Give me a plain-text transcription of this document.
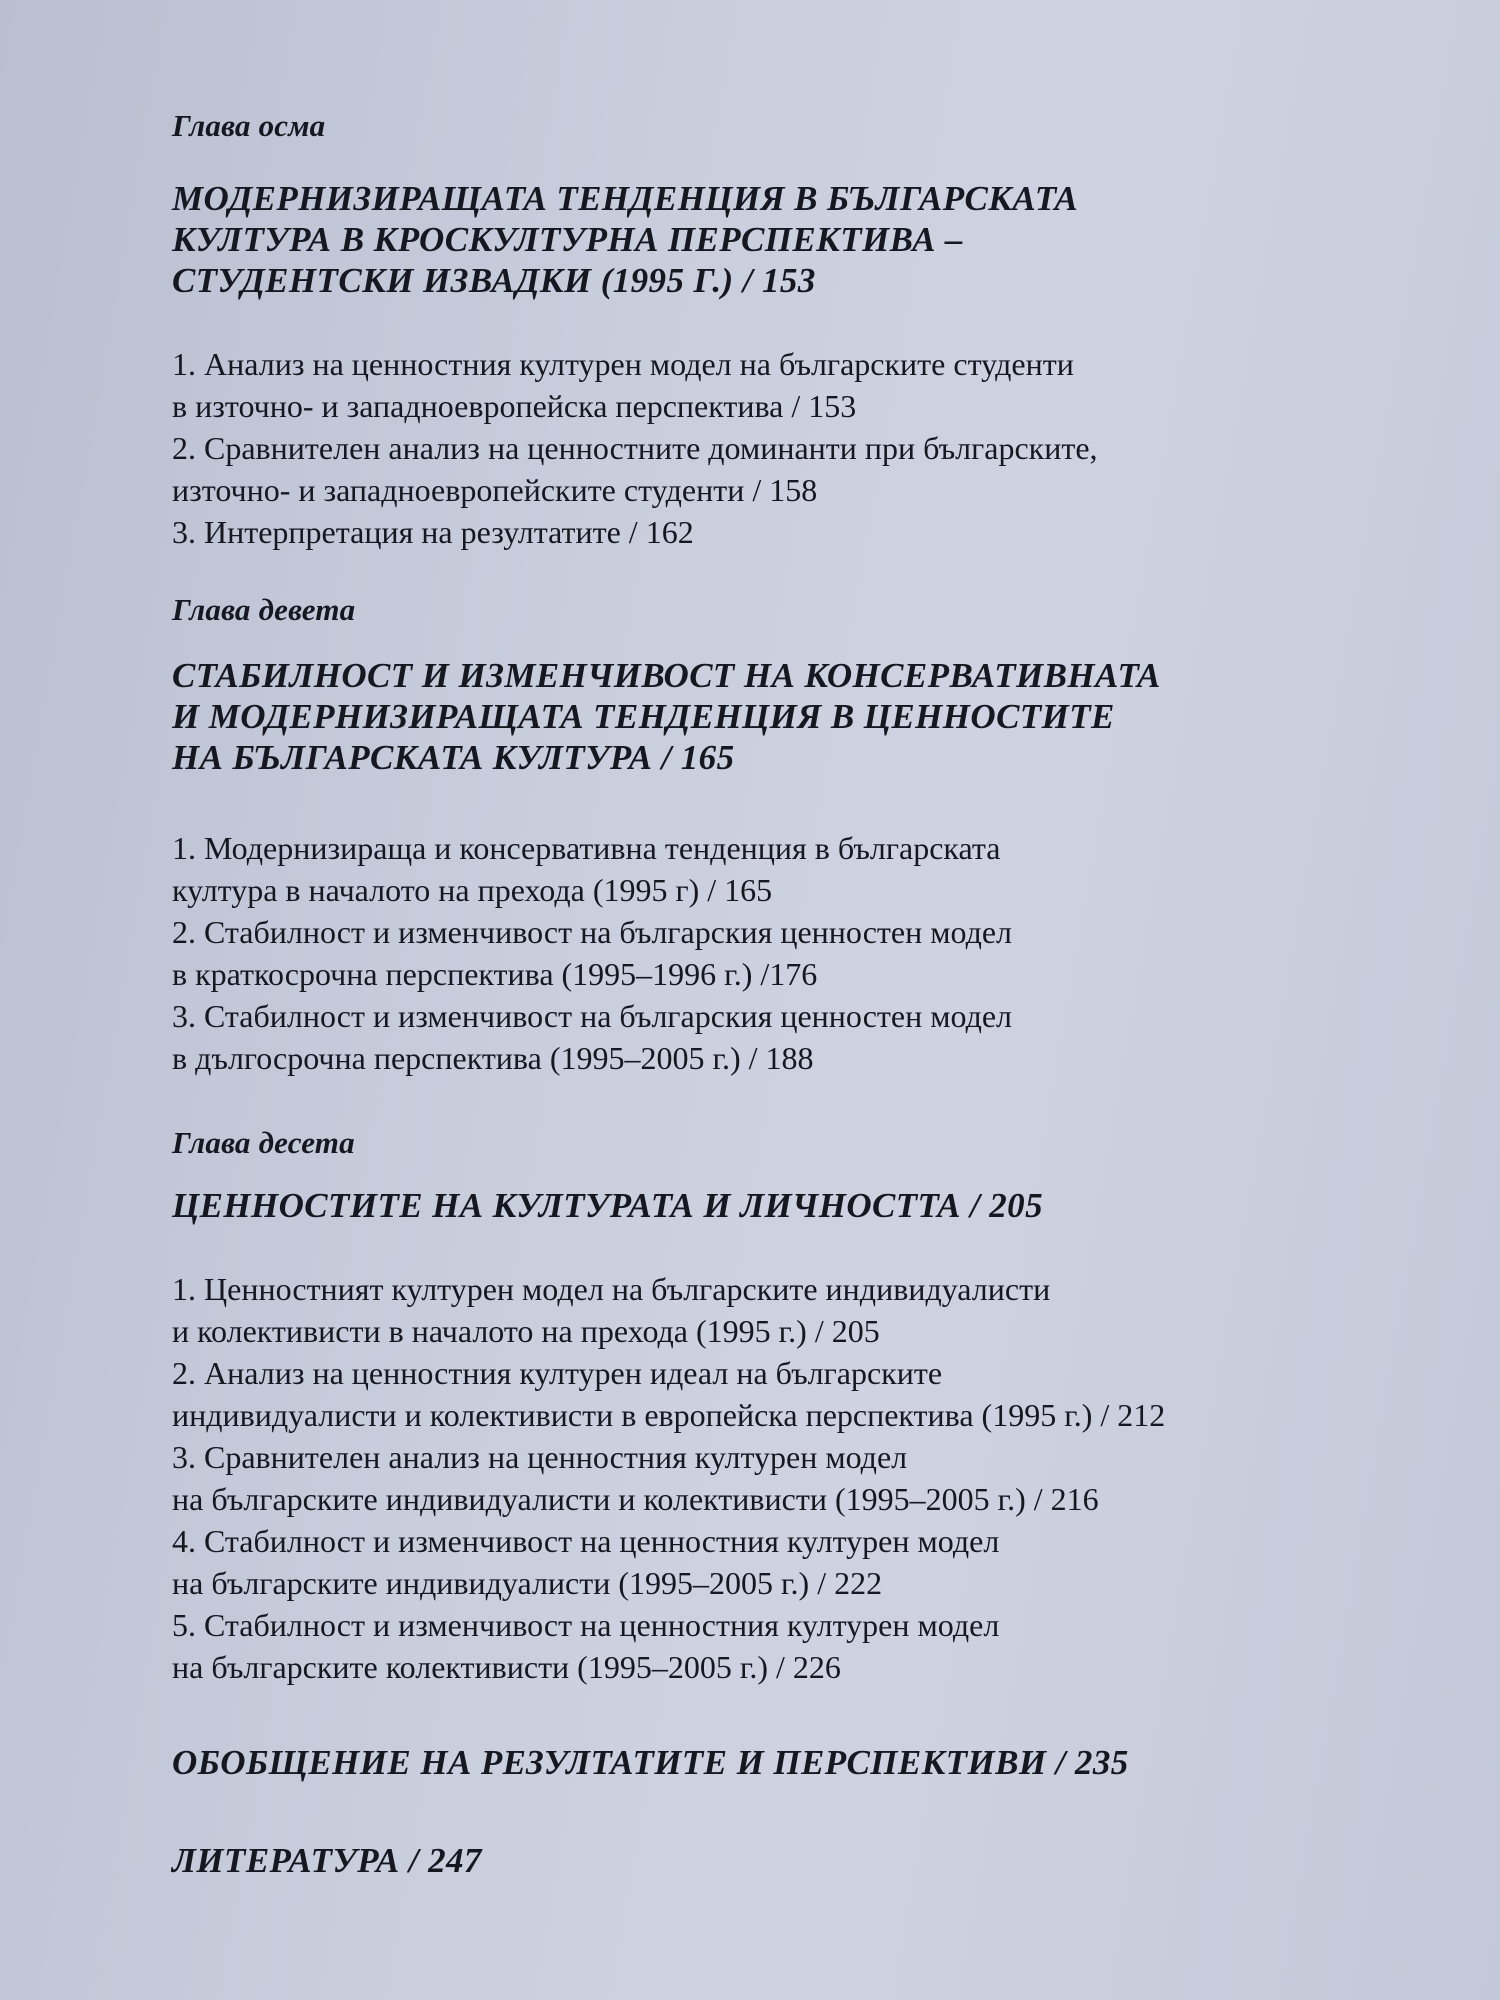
Глава осма
МОДЕРНИЗИРАЩАТА ТЕНДЕНЦИЯ В БЪЛГАРСКАТА
КУЛТУРА В КРОСКУЛТУРНА ПЕРСПЕКТИВА –
СТУДЕНТСКИ ИЗВАДКИ (1995 Г.) / 153
1. Анализ на ценностния културен модел на българските студенти
в източно- и западноевропейска перспектива / 153
2. Сравнителен анализ на ценностните доминанти при българските,
източно- и западноевропейските студенти / 158
3. Интерпретация на резултатите / 162
Глава девета
СТАБИЛНОСТ И ИЗМЕНЧИВОСТ НА КОНСЕРВАТИВНАТА
И МОДЕРНИЗИРАЩАТА ТЕНДЕНЦИЯ В ЦЕННОСТИТЕ
НА БЪЛГАРСКАТА КУЛТУРА / 165
1. Модернизираща и консервативна тенденция в българската
култура в началото на прехода (1995 г) / 165
2. Стабилност и изменчивост на българския ценностен модел
в краткосрочна перспектива (1995–1996 г.) /176
3. Стабилност и изменчивост на българския ценностен модел
в дългосрочна перспектива (1995–2005 г.) / 188
Глава десета
ЦЕННОСТИТЕ НА КУЛТУРАТА И ЛИЧНОСТТА / 205
1. Ценностният културен модел на българските индивидуалисти
и колективисти в началото на прехода (1995 г.) / 205
2. Анализ на ценностния културен идеал на българските
индивидуалисти и колективисти в европейска перспектива (1995 г.) / 212
3. Сравнителен анализ на ценностния културен модел
на българските индивидуалисти и колективисти (1995–2005 г.) / 216
4. Стабилност и изменчивост на ценностния културен модел
на българските индивидуалисти (1995–2005 г.) / 222
5. Стабилност и изменчивост на ценностния културен модел
на българските колективисти (1995–2005 г.) / 226
ОБОБЩЕНИЕ НА РЕЗУЛТАТИТЕ И ПЕРСПЕКТИВИ / 235
ЛИТЕРАТУРА / 247
